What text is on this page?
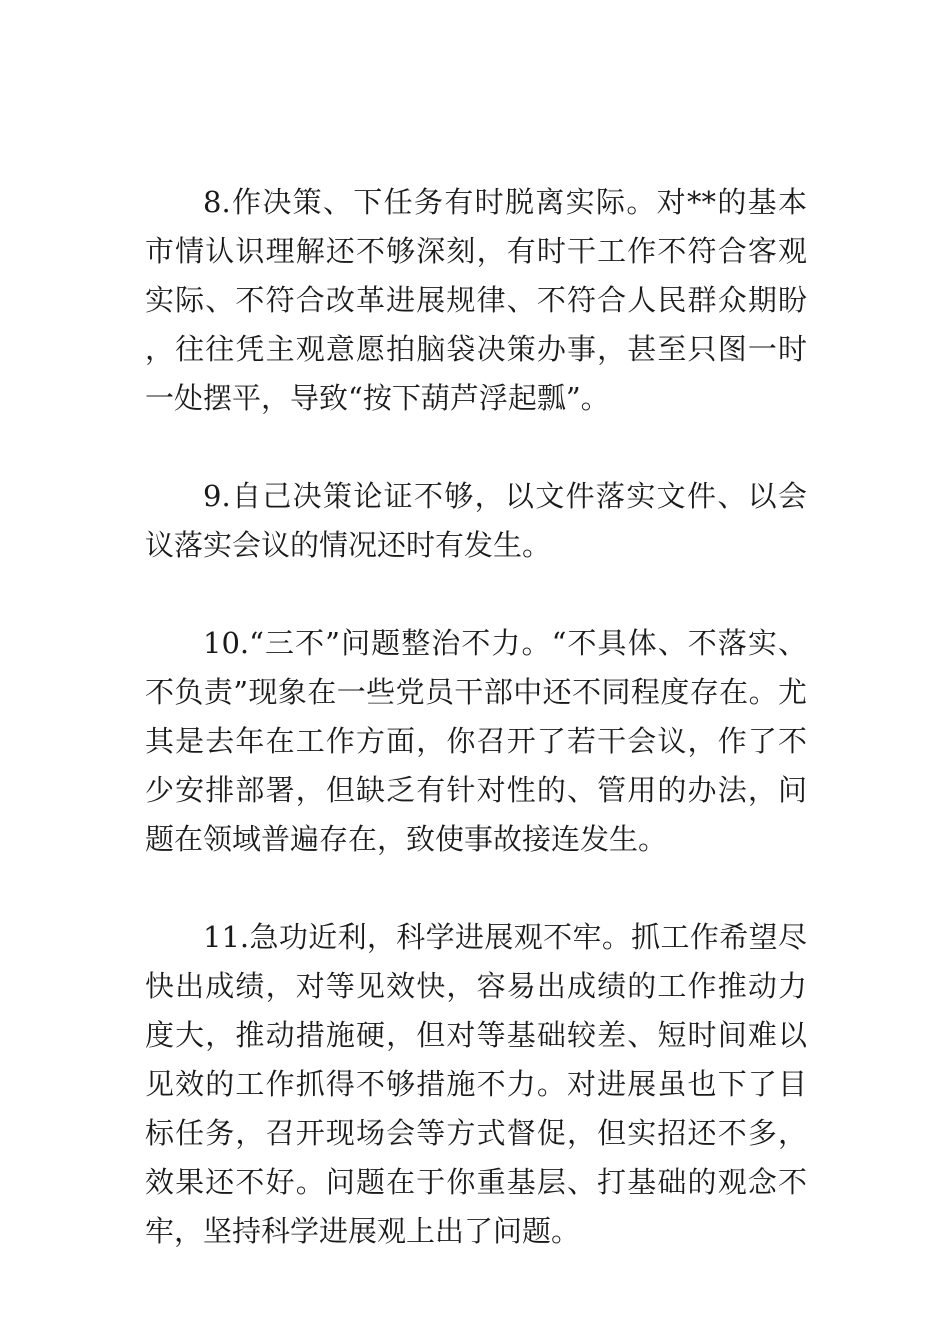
8.作决策、下任务有时脱离实际。对**的基本市情认识理解还不够深刻，有时干工作不符合客观实际、不符合改革进展规律、不符合人民群众期盼，往往凭主观意愿拍脑袋决策办事，甚至只图一时一处摆平，导致“按下葫芦浮起瓢”。

9.自己决策论证不够，以文件落实文件、以会议落实会议的情况还时有发生。

10.“三不”问题整治不力。“不具体、不落实、不负责”现象在一些党员干部中还不同程度存在。尤其是去年在工作方面，你召开了若干会议，作了不少安排部署，但缺乏有针对性的、管用的办法，问题在领域普遍存在，致使事故接连发生。

11.急功近利，科学进展观不牢。抓工作希望尽快出成绩，对等见效快，容易出成绩的工作推动力度大，推动措施硬，但对等基础较差、短时间难以见效的工作抓得不够措施不力。对进展虽也下了目标任务，召开现场会等方式督促，但实招还不多，效果还不好。问题在于你重基层、打基础的观念不牢，坚持科学进展观上出了问题。
